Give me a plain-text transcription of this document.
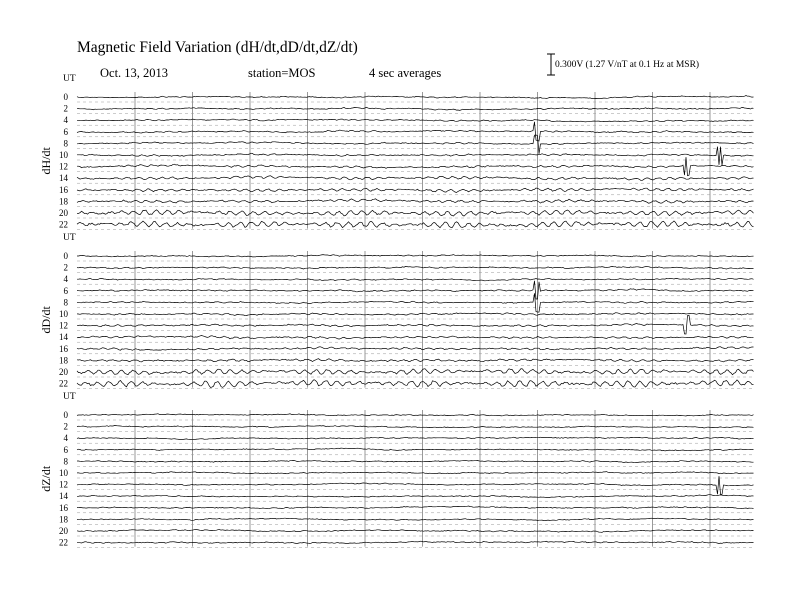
Magnetic Field Variation (dH/dt,dD/dt,dZ/dt)
Oct. 13, 2013	station=MOS	4 sec averages
0.300V (1.27 V/nT at 0.1 Hz at MSR)
UT
dH/dt
0
2
4
6
8
10
12
14
16
18
20
22
UT
dD/dt
0
2
4
6
8
10
12
14
16
18
20
22
UT
dZ/dt
0
2
4
6
8
10
12
14
16
18
20
22
